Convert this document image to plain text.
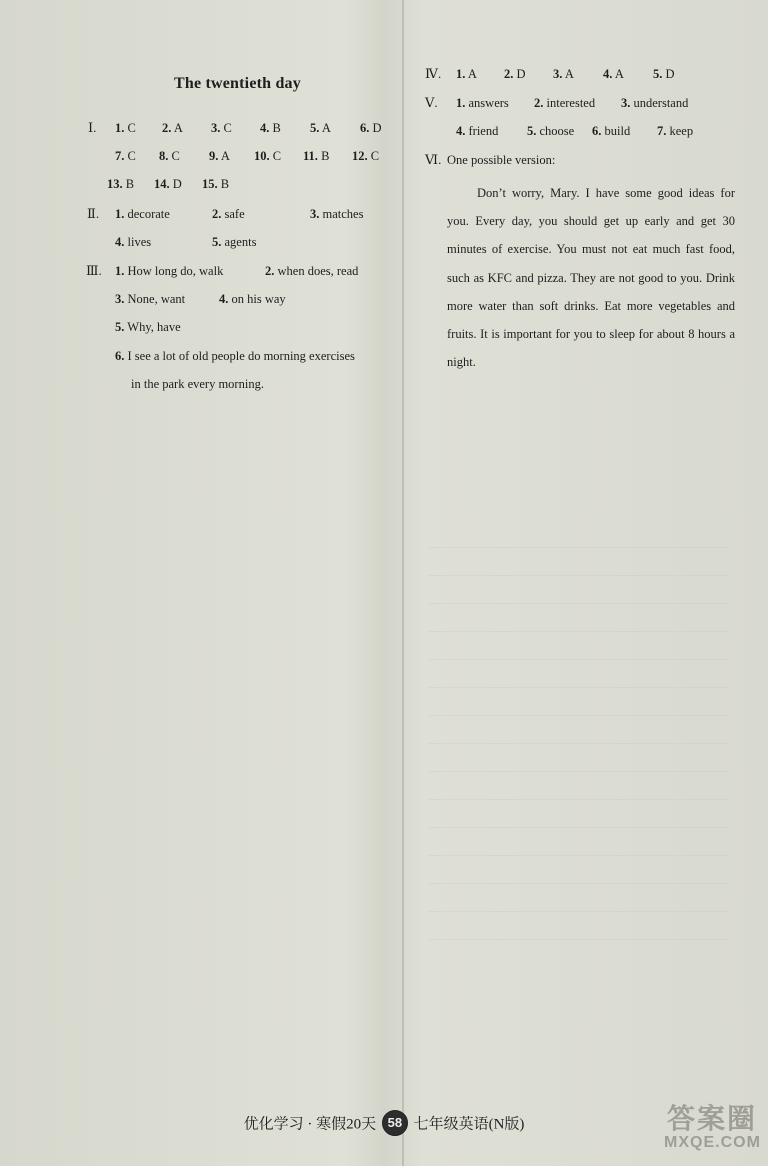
The twentieth day
Ⅰ. 1. C 2. A 3. C 4. B 5. A 6. D
7. C 8. C 9. A 10. C 11. B 12. C
13. B 14. D 15. B
Ⅱ. 1. decorate	2. safe	3. matches
4. lives	5. agents
Ⅲ. 1. How long do, walk	2. when does, read
3. None, want	4. on his way
5. Why, have
6. I see a lot of old people do morning exercises
in the park every morning.
Ⅳ. 1. A 2. D 3. A 4. A 5. D
Ⅴ. 1. answers 2. interested 3. understand
4. friend 5. choose 6. build 7. keep
Ⅵ. One possible version:
Don’t worry, Mary. I have some good ideas for you. Every day, you should get up early and get 30 minutes of exercise. You must not eat much fast food, such as KFC and pizza. They are not good to you. Drink more water than soft drinks. Eat more vegetables and fruits. It is important for you to sleep for about 8 hours a night.
优化学习 · 寒假20天 58 七年级英语(N版)	答案圈
MXQE.COM
